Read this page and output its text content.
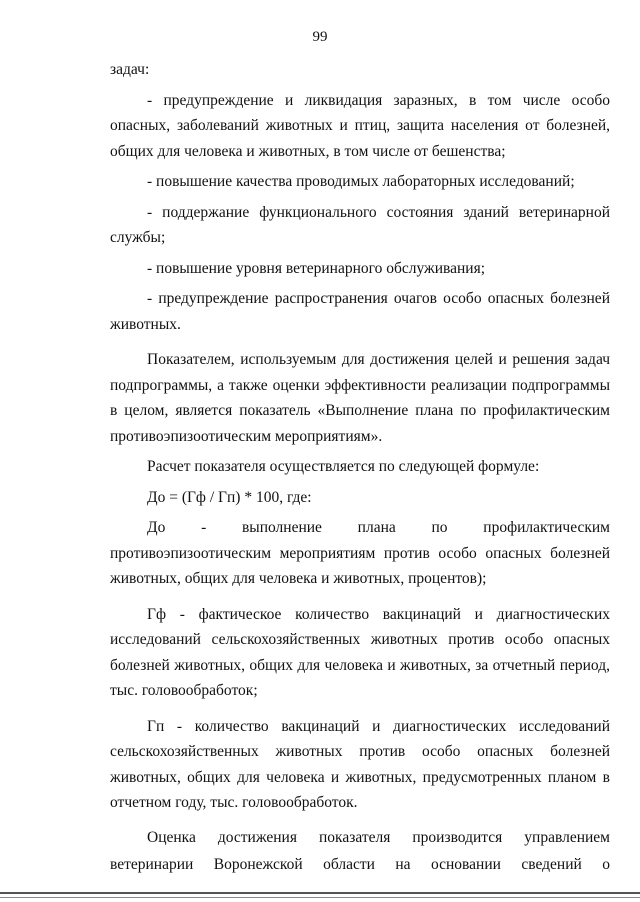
99

задач:

- предупреждение и ликвидация заразных, в том числе особо опасных, заболеваний животных и птиц, защита населения от болезней, общих для человека и животных, в том числе от бешенства;

- повышение качества проводимых лабораторных исследований;

- поддержание функционального состояния зданий ветеринарной службы;

- повышение уровня ветеринарного обслуживания;

- предупреждение распространения очагов особо опасных болезней животных.

Показателем, используемым для достижения целей и решения задач подпрограммы, а также оценки эффективности реализации подпрограммы в целом, является показатель «Выполнение плана по профилактическим противоэпизоотическим мероприятиям».

Расчет показателя осуществляется по следующей формуле:

До = (Гф / Гп) * 100, где:

До - выполнение плана по профилактическим противоэпизоотическим мероприятиям против особо опасных болезней животных, общих для человека и животных, процентов);

Гф - фактическое количество вакцинаций и диагностических исследований сельскохозяйственных животных против особо опасных болезней животных, общих для человека и животных, за отчетный период, тыс. головообработок;

Гп - количество вакцинаций и диагностических исследований сельскохозяйственных животных против особо опасных болезней животных, общих для человека и животных, предусмотренных планом в отчетном году, тыс. головообработок.

Оценка достижения показателя производится управлением ветеринарии Воронежской области на основании сведений о
